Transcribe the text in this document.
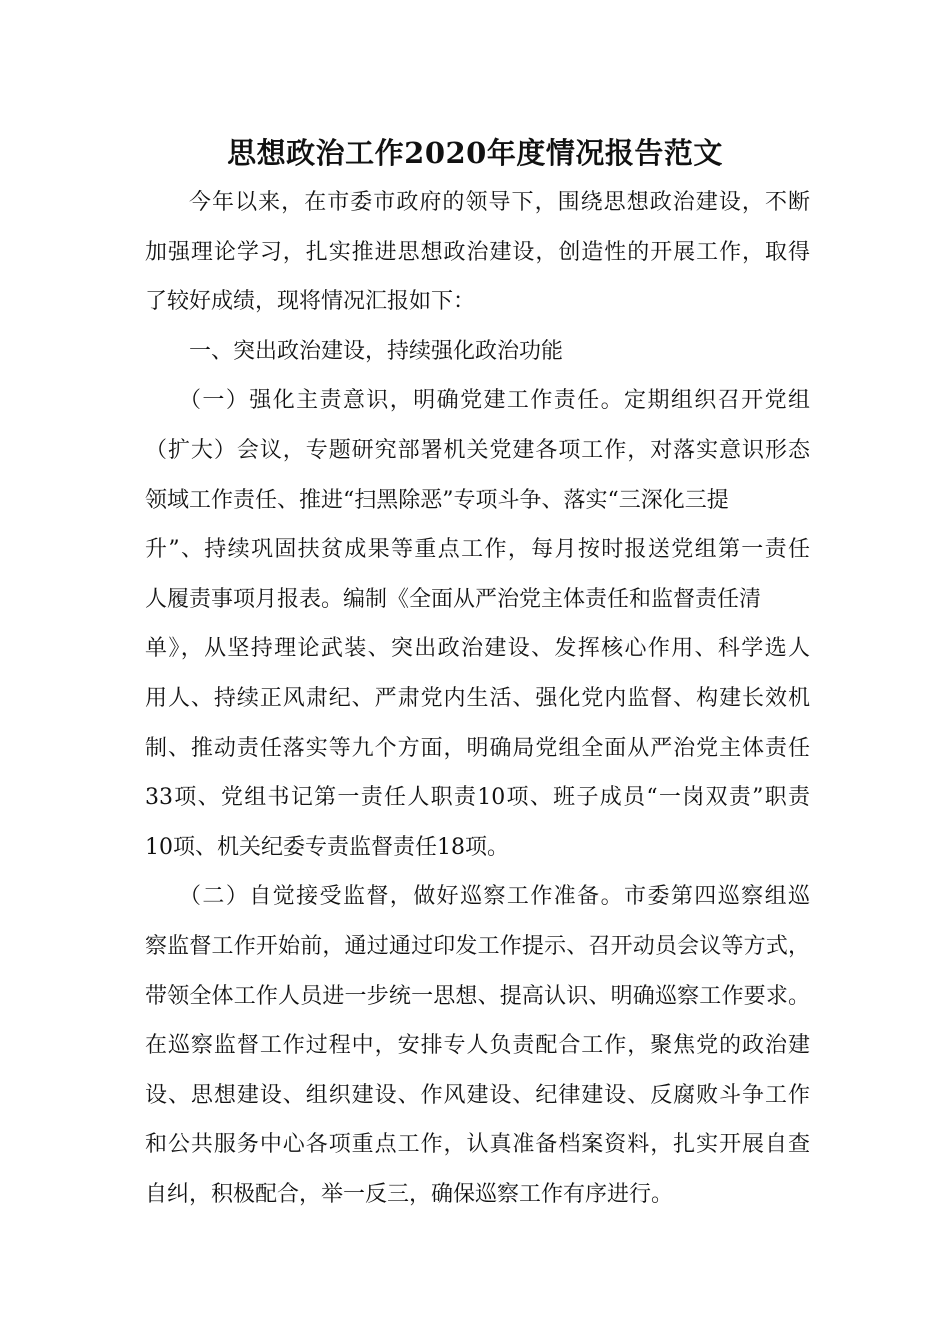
思想政治工作2020年度情况报告范文

今年以来，在市委市政府的领导下，围绕思想政治建设，不断
加强理论学习，扎实推进思想政治建设，创造性的开展工作，取得
了较好成绩，现将情况汇报如下：

一、突出政治建设，持续强化政治功能

（一）强化主责意识，明确党建工作责任。定期组织召开党组
（扩大）会议，专题研究部署机关党建各项工作，对落实意识形态
领域工作责任、推进“扫黑除恶”专项斗争、落实“三深化三提
升”、持续巩固扶贫成果等重点工作，每月按时报送党组第一责任
人履责事项月报表。编制《全面从严治党主体责任和监督责任清
单》，从坚持理论武装、突出政治建设、发挥核心作用、科学选人
用人、持续正风肃纪、严肃党内生活、强化党内监督、构建长效机
制、推动责任落实等九个方面，明确局党组全面从严治党主体责任
33项、党组书记第一责任人职责10项、班子成员“一岗双责”职责
10项、机关纪委专责监督责任18项。

（二）自觉接受监督，做好巡察工作准备。市委第四巡察组巡
察监督工作开始前，通过通过印发工作提示、召开动员会议等方式，
带领全体工作人员进一步统一思想、提高认识、明确巡察工作要求。
在巡察监督工作过程中，安排专人负责配合工作，聚焦党的政治建
设、思想建设、组织建设、作风建设、纪律建设、反腐败斗争工作
和公共服务中心各项重点工作，认真准备档案资料，扎实开展自查
自纠，积极配合，举一反三，确保巡察工作有序进行。
